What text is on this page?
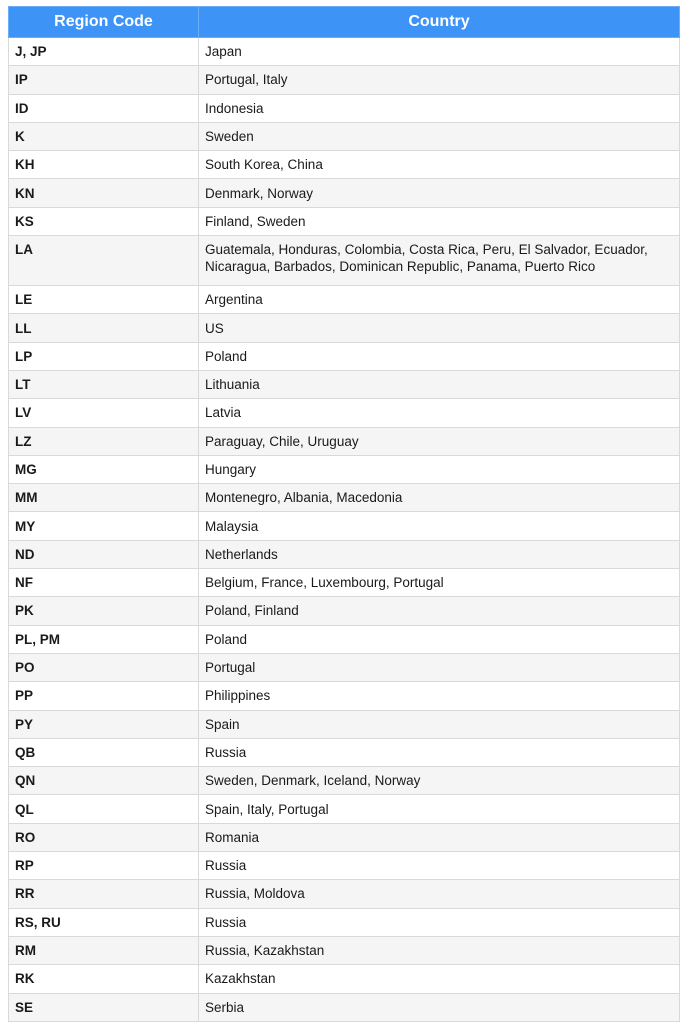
Region Code	Country
J, JP	Japan
IP	Portugal, Italy
ID	Indonesia
K	Sweden
KH	South Korea, China
KN	Denmark, Norway
KS	Finland, Sweden
LA	Guatemala, Honduras, Colombia, Costa Rica, Peru, El Salvador, Ecuador, Nicaragua, Barbados, Dominican Republic, Panama, Puerto Rico
LE	Argentina
LL	US
LP	Poland
LT	Lithuania
LV	Latvia
LZ	Paraguay, Chile, Uruguay
MG	Hungary
MM	Montenegro, Albania, Macedonia
MY	Malaysia
ND	Netherlands
NF	Belgium, France, Luxembourg, Portugal
PK	Poland, Finland
PL, PM	Poland
PO	Portugal
PP	Philippines
PY	Spain
QB	Russia
QN	Sweden, Denmark, Iceland, Norway
QL	Spain, Italy, Portugal
RO	Romania
RP	Russia
RR	Russia, Moldova
RS, RU	Russia
RM	Russia, Kazakhstan
RK	Kazakhstan
SE	Serbia
